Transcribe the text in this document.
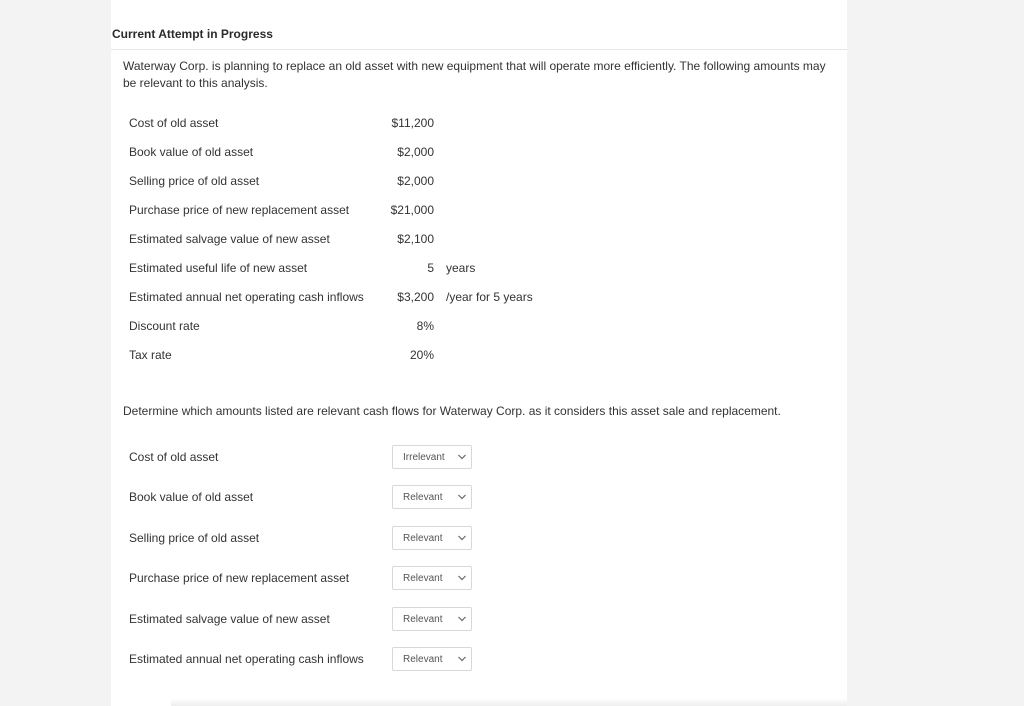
Current Attempt in Progress
Waterway Corp. is planning to replace an old asset with new equipment that will operate more efficiently. The following amounts may be relevant to this analysis.
Cost of old asset	$11,200
Book value of old asset	$2,000
Selling price of old asset	$2,000
Purchase price of new replacement asset	$21,000
Estimated salvage value of new asset	$2,100
Estimated useful life of new asset	5 years
Estimated annual net operating cash inflows	$3,200 /year for 5 years
Discount rate	8%
Tax rate	20%
Determine which amounts listed are relevant cash flows for Waterway Corp. as it considers this asset sale and replacement.
Cost of old asset	Irrelevant
Book value of old asset	Relevant
Selling price of old asset	Relevant
Purchase price of new replacement asset	Relevant
Estimated salvage value of new asset	Relevant
Estimated annual net operating cash inflows	Relevant
